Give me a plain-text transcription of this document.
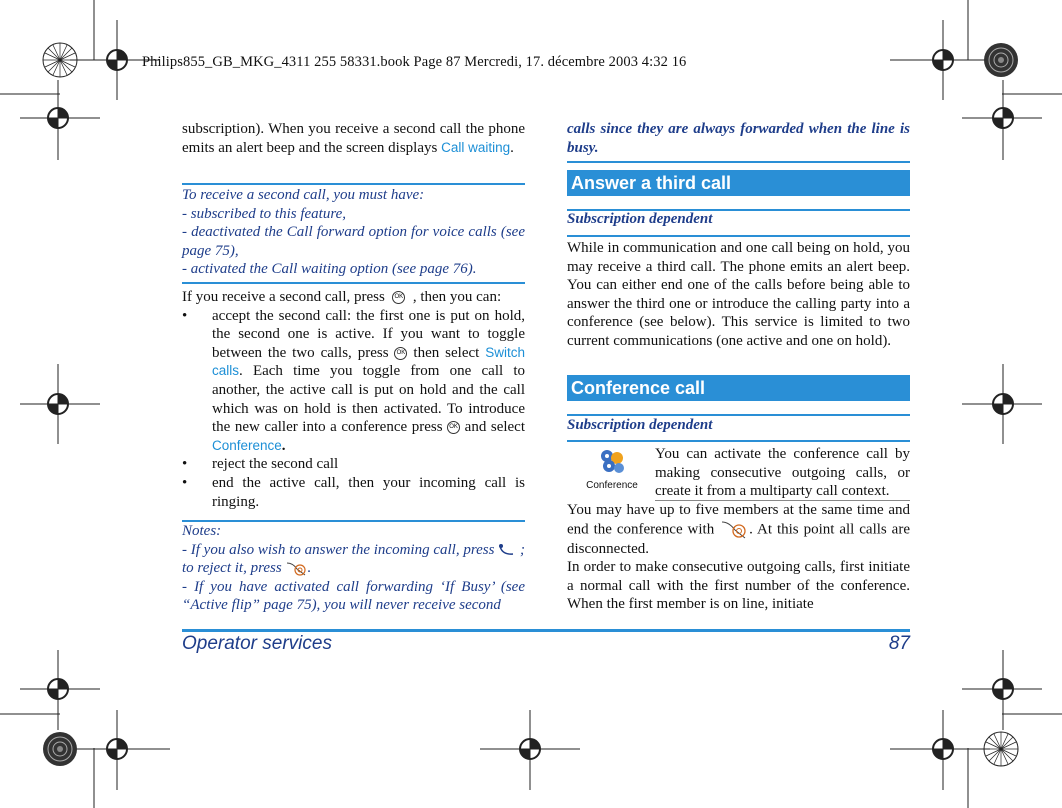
Philips855_GB_MKG_4311 255 58331.book Page 87 Mercredi, 17. décembre 2003 4:32 16

subscription). When you receive a second call the phone emits an alert beep and the screen displays Call waiting.

To receive a second call, you must have:

- subscribed to this feature,

- deactivated the Call forward option for voice calls (see page 75),

- activated the Call waiting option (see page 76).

If you receive a second call, press OK , then you can:

• accept the second call: the first one is put on hold, the second one is active. If you want to toggle between the two calls, press OK then select Switch calls. Each time you toggle from one call to another, the active call is put on hold and the call which was on hold is then activated. To introduce the new caller into a conference press OK and select Conference.
• reject the second call
• end the active call, then your incoming call is ringing.

Notes:

- If you also wish to answer the incoming call, press ; to reject it, press .

- If you have activated call forwarding ‘If Busy’ (see “Active flip” page 75), you will never receive second

calls since they are always forwarded when the line is busy.

Answer a third call
Subscription dependent
While in communication and one call being on hold, you may receive a third call. The phone emits an alert beep. You can either end one of the calls before being able to answer the third one or introduce the calling party into a conference (see below). This service is limited to two current communications (one active and one on hold).
Conference call
Subscription dependent
Conference
You can activate the conference call by making consecutive outgoing calls, or create it from a multiparty call context.

You may have up to five members at the same time and end the conference with . At this point all calls are disconnected.

In order to make consecutive outgoing calls, first initiate a normal call with the first number of the conference. When the first member is on line, initiate

Operator services	87
